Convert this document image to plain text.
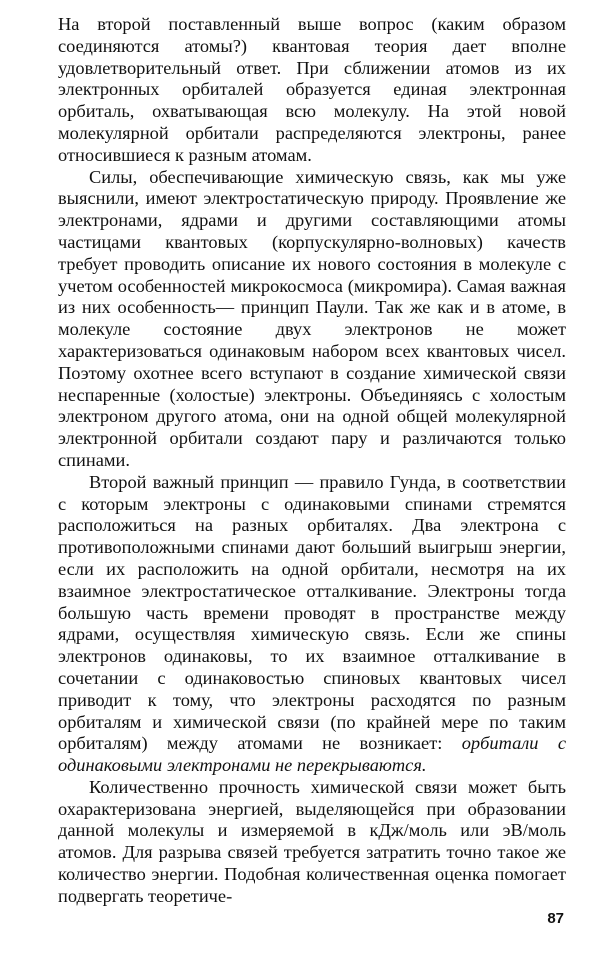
На второй поставленный выше вопрос (каким образом соединяются атомы?) квантовая теория дает вполне удовлетворительный ответ. При сближении атомов из их электронных орбиталей образуется единая электронная орбиталь, охватывающая всю молекулу. На этой новой молекулярной орбитали распределяются электроны, ранее относившиеся к разным атомам.

Силы, обеспечивающие химическую связь, как мы уже выяснили, имеют электростатическую природу. Проявление же электронами, ядрами и другими составляющими атомы частицами квантовых (корпускулярно-волновых) качеств требует проводить описание их нового состояния в молекуле с учетом особенностей микрокосмоса (микромира). Самая важная из них особенность— принцип Паули. Так же как и в атоме, в молекуле состояние двух электронов не может характеризоваться одинаковым набором всех квантовых чисел. Поэтому охотнее всего вступают в создание химической связи неспаренные (холостые) электроны. Объединяясь с холостым электроном другого атома, они на одной общей молекулярной электронной орбитали создают пару и различаются только спинами.

Второй важный принцип — правило Гунда, в соответствии с которым электроны с одинаковыми спинами стремятся расположиться на разных орбиталях. Два электрона с противоположными спинами дают больший выигрыш энергии, если их расположить на одной орбитали, несмотря на их взаимное электростатическое отталкивание. Электроны тогда большую часть времени проводят в пространстве между ядрами, осуществляя химическую связь. Если же спины электронов одинаковы, то их взаимное отталкивание в сочетании с одинаковостью спиновых квантовых чисел приводит к тому, что электроны расходятся по разным орбиталям и химической связи (по крайней мере по таким орбиталям) между атомами не возникает: орбитали с одинаковыми электронами не перекрываются.

Количественно прочность химической связи может быть охарактеризована энергией, выделяющейся при образовании данной молекулы и измеряемой в кДж/моль или эВ/моль атомов. Для разрыва связей требуется затратить точно такое же количество энергии. Подобная количественная оценка помогает подвергать теоретиче-

87
